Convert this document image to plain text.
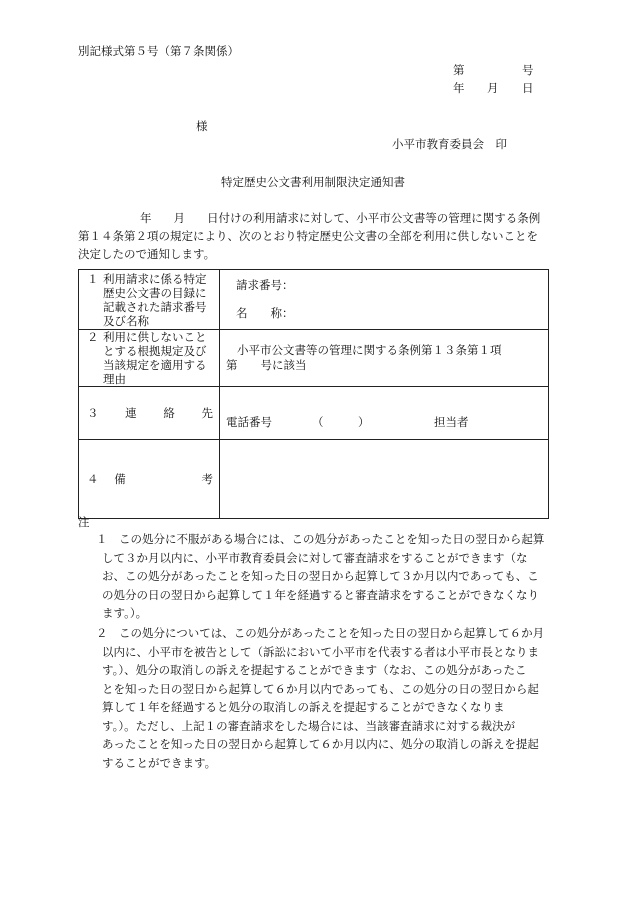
別記様式第５号（第７条関係）
第	号
年 月 日
様
小平市教育委員会　印
特定歴史公文書利用制限決定通知書
年 月 日付けの利用請求に対して、小平市公文書等の管理に関する条例
第１４条第２項の規定により、次のとおり特定歴史公文書の全部を利用に供しないことを
決定したので通知します。
１ 利用請求に係る特定歴史公文書の目録に記載された請求番号及び名称	請求番号：
名　　称：

２ 利用に供しないこととする根拠規定及び当該規定を適用する理由	小平市公文書等の管理に関する条例第１３条第１項
第　　号に該当

３ 連 絡 先	電話番号 （　　　） 担当者

４ 備 考	

注
１　この処分に不服がある場合には、この処分があったことを知った日の翌日から起算
して３か月以内に、小平市教育委員会に対して審査請求をすることができます（な
お、この処分があったことを知った日の翌日から起算して３か月以内であっても、こ
の処分の日の翌日から起算して１年を経過すると審査請求をすることができなくなり
ます。）。
２　この処分については、この処分があったことを知った日の翌日から起算して６か月
以内に、小平市を被告として（訴訟において小平市を代表する者は小平市長となりま
す。）、処分の取消しの訴えを提起することができます（なお、この処分があったこ
とを知った日の翌日から起算して６か月以内であっても、この処分の日の翌日から起
算して１年を経過すると処分の取消しの訴えを提起することができなくなりま
す。）。ただし、上記１の審査請求をした場合には、当該審査請求に対する裁決が
あったことを知った日の翌日から起算して６か月以内に、処分の取消しの訴えを提起
することができます。
